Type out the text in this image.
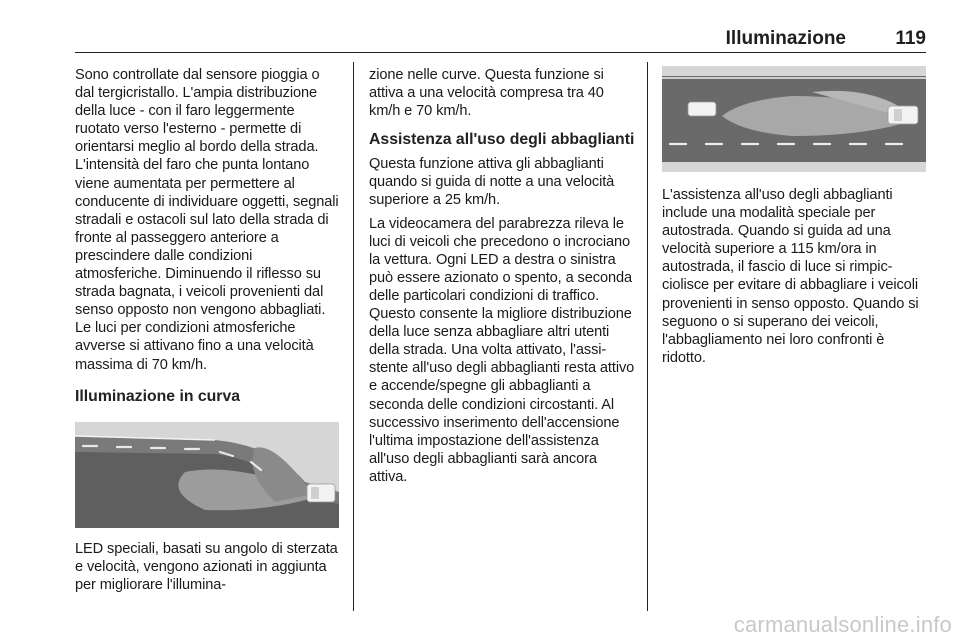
Illuminazione	119

Sono controllate dal sensore pioggia o dal tergicristallo. L'ampia distribuzione della luce - con il faro leggermente ruotato verso l'esterno - permette di orientarsi meglio al bordo della strada. L'intensità del faro che punta lontano viene aumentata per permettere al conducente di individuare oggetti, segnali stradali e ostacoli sul lato della strada di fronte al passeggero anteriore a prescindere dalle condizioni atmosferiche. Diminuendo il riflesso su strada bagnata, i veicoli provenienti dal senso opposto non vengono abbagliati. Le luci per condizioni atmosferiche avverse si attivano fino a una velocità massima di 70 km/h.

Illuminazione in curva

LED speciali, basati su angolo di sterzata e velocità, vengono azionati in aggiunta per migliorare l'illumina-

zione nelle curve. Questa funzione si attiva a una velocità compresa tra 40 km/h e 70 km/h.

Assistenza all'uso degli abbaglianti

Questa funzione attiva gli abbaglianti quando si guida di notte a una velocità superiore a 25 km/h.

La videocamera del parabrezza rileva le luci di veicoli che precedono o incrociano la vettura. Ogni LED a destra o sinistra può essere azionato o spento, a seconda delle particolari condizioni di traffico. Questo consente la migliore distribuzione della luce senza abbagliare altri utenti della strada. Una volta attivato, l'assistente all'uso degli abbaglianti resta attivo e accende/spegne gli abbaglianti a seconda delle condizioni circostanti. Al successivo inserimento dell'accensione l'ultima impostazione dell'assistenza all'uso degli abbaglianti sarà ancora attiva.

L'assistenza all'uso degli abbaglianti include una modalità speciale per autostrada. Quando si guida ad una velocità superiore a 115 km/ora in autostrada, il fascio di luce si rimpicciolisce per evitare di abbagliare i veicoli provenienti in senso opposto. Quando si seguono o si superano dei veicoli, l'abbagliamento nei loro confronti è ridotto.

carmanualsonline.info
